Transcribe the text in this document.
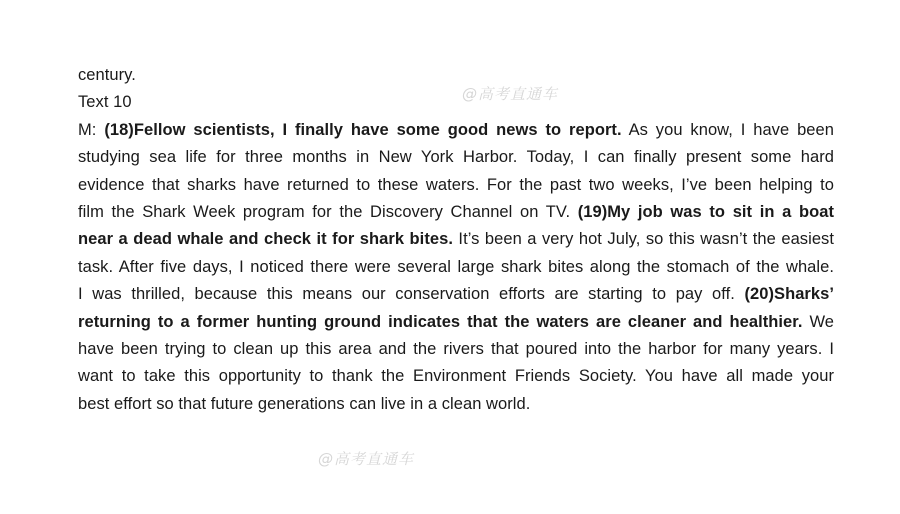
century.
Text 10
M: (18)Fellow scientists, I finally have some good news to report. As you know, I have been
studying sea life for three months in New York Harbor. Today, I can finally present some hard
evidence that sharks have returned to these waters. For the past two weeks, I’ve been helping to
film the Shark Week program for the Discovery Channel on TV. (19)My job was to sit in a boat
near a dead whale and check it for shark bites. It’s been a very hot July, so this wasn’t the easiest
task. After five days, I noticed there were several large shark bites along the stomach of the whale.
I was thrilled, because this means our conservation efforts are starting to pay off. (20)Sharks’
returning to a former hunting ground indicates that the waters are cleaner and healthier. We
have been trying to clean up this area and the rivers that poured into the harbor for many years. I
want to take this opportunity to thank the Environment Friends Society. You have all made your
best effort so that future generations can live in a clean world.
@高考直通车
@高考直通车
